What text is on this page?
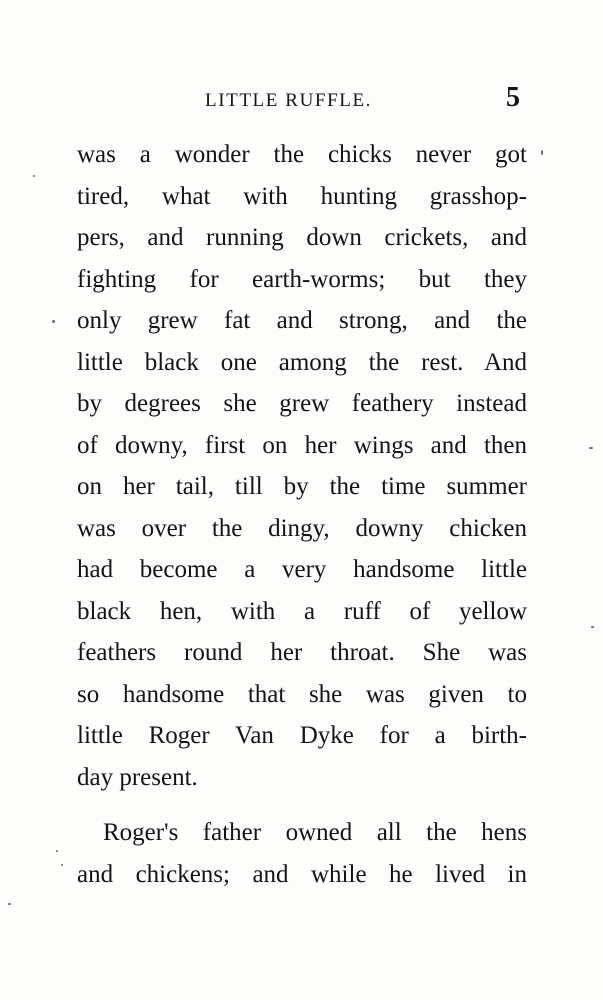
LITTLE RUFFLE.	5
was a wonder the chicks never got
tired, what with hunting grasshop-
pers, and running down crickets, and
fighting for earth-worms; but they
only grew fat and strong, and the
little black one among the rest. And
by degrees she grew feathery instead
of downy, first on her wings and then
on her tail, till by the time summer
was over the dingy, downy chicken
had become a very handsome little
black hen, with a ruff of yellow
feathers round her throat. She was
so handsome that she was given to
little Roger Van Dyke for a birth-
day present.
Roger's father owned all the hens
and chickens; and while he lived in
